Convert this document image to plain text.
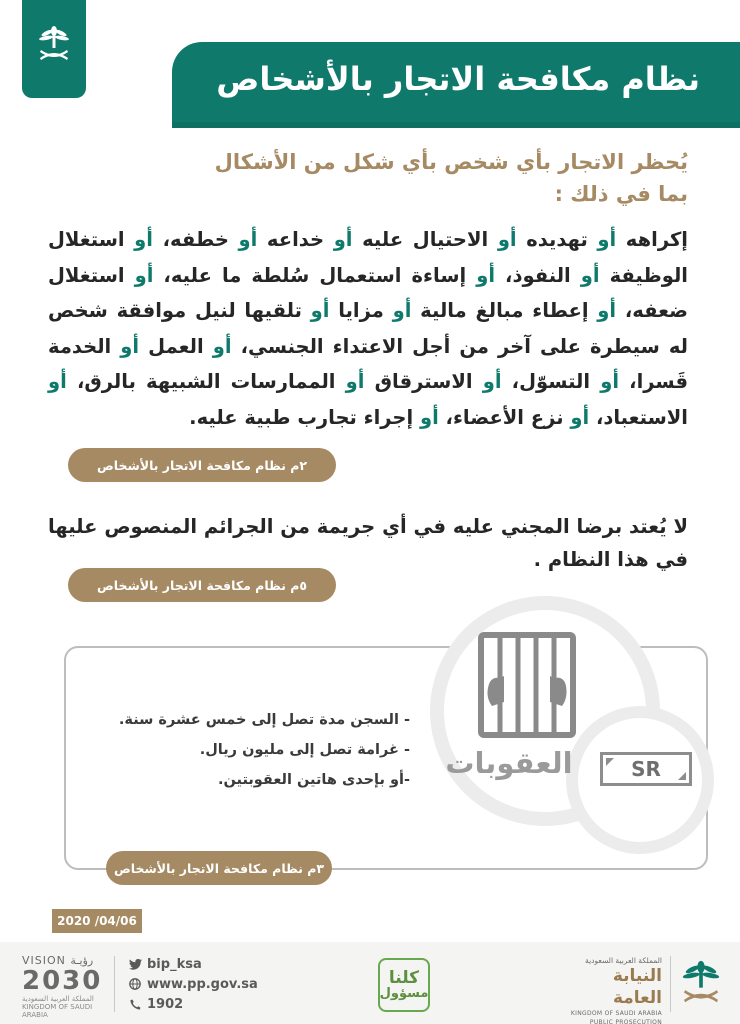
نظام مكافحة الاتجار بالأشخاص
يُحظر الاتجار بأي شخص بأي شكل من الأشكال
بما في ذلك :
إكراهه أو تهديده أو الاحتيال عليه أو خداعه أو خطفه، أو استغلال الوظيفة أو النفوذ، أو إساءة استعمال سُلطة ما عليه، أو استغلال ضعفه، أو إعطاء مبالغ مالية أو مزايا أو تلقيها لنيل موافقة شخص له سيطرة على آخر من أجل الاعتداء الجنسي، أو العمل أو الخدمة قَسرا، أو التسوّل، أو الاسترقاق أو الممارسات الشبيهة بالرق، أو الاستعباد، أو نزع الأعضاء، أو إجراء تجارب طبية عليه.
٢م نظام مكافحة الاتجار بالأشخاص
لا يُعتد برضا المجني عليه في أي جريمة من الجرائم المنصوص عليها في هذا النظام .
٥م نظام مكافحة الاتجار بالأشخاص
العقوبات	SR
- السجن مدة تصل إلى خمس عشرة سنة.
- غرامة تصل إلى مليون ريال.
-أو بإحدى هاتين العقوبتين.
٣م نظام مكافحة الاتجار بالأشخاص
2020 /04/06
VISION رؤيـة
2030
المملكة العربية السعودية KINGDOM OF SAUDI ARABIA
bip_ksa
www.pp.gov.sa
1902
كلنا
مسؤول
المملكة العربية السعودية
النيابة العامة
KINGDOM OF SAUDI ARABIA
PUBLIC PROSECUTION
